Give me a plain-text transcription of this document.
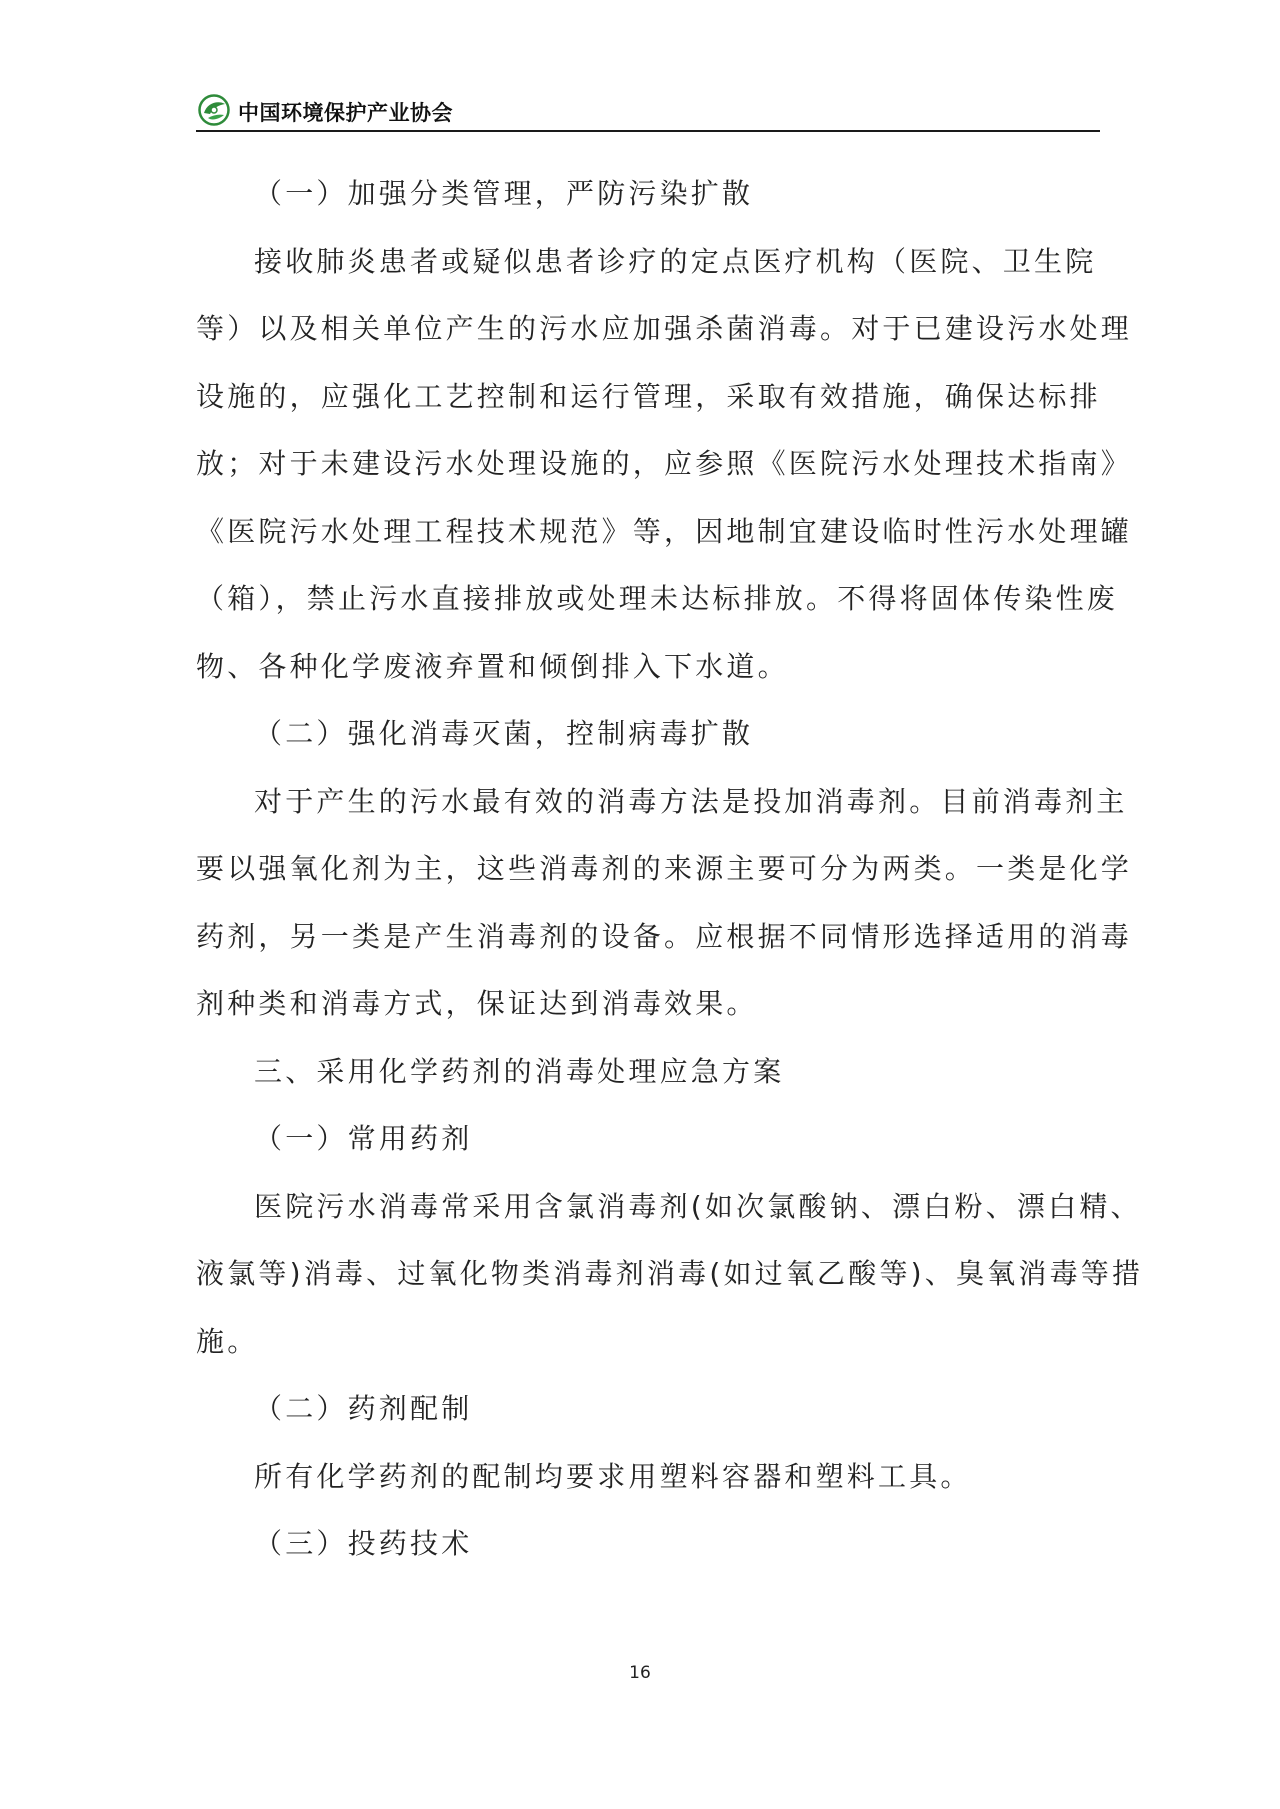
中国环境保护产业协会
（一）加强分类管理，严防污染扩散
接收肺炎患者或疑似患者诊疗的定点医疗机构（医院、卫生院
等）以及相关单位产生的污水应加强杀菌消毒。对于已建设污水处理
设施的，应强化工艺控制和运行管理，采取有效措施，确保达标排
放；对于未建设污水处理设施的，应参照《医院污水处理技术指南》
《医院污水处理工程技术规范》等，因地制宜建设临时性污水处理罐
（箱），禁止污水直接排放或处理未达标排放。不得将固体传染性废
物、各种化学废液弃置和倾倒排入下水道。
（二）强化消毒灭菌，控制病毒扩散
对于产生的污水最有效的消毒方法是投加消毒剂。目前消毒剂主
要以强氧化剂为主，这些消毒剂的来源主要可分为两类。一类是化学
药剂，另一类是产生消毒剂的设备。应根据不同情形选择适用的消毒
剂种类和消毒方式，保证达到消毒效果。
三、采用化学药剂的消毒处理应急方案
（一）常用药剂
医院污水消毒常采用含氯消毒剂(如次氯酸钠、漂白粉、漂白精、
液氯等)消毒、过氧化物类消毒剂消毒(如过氧乙酸等)、臭氧消毒等措
施。
（二）药剂配制
所有化学药剂的配制均要求用塑料容器和塑料工具。
（三）投药技术
16
